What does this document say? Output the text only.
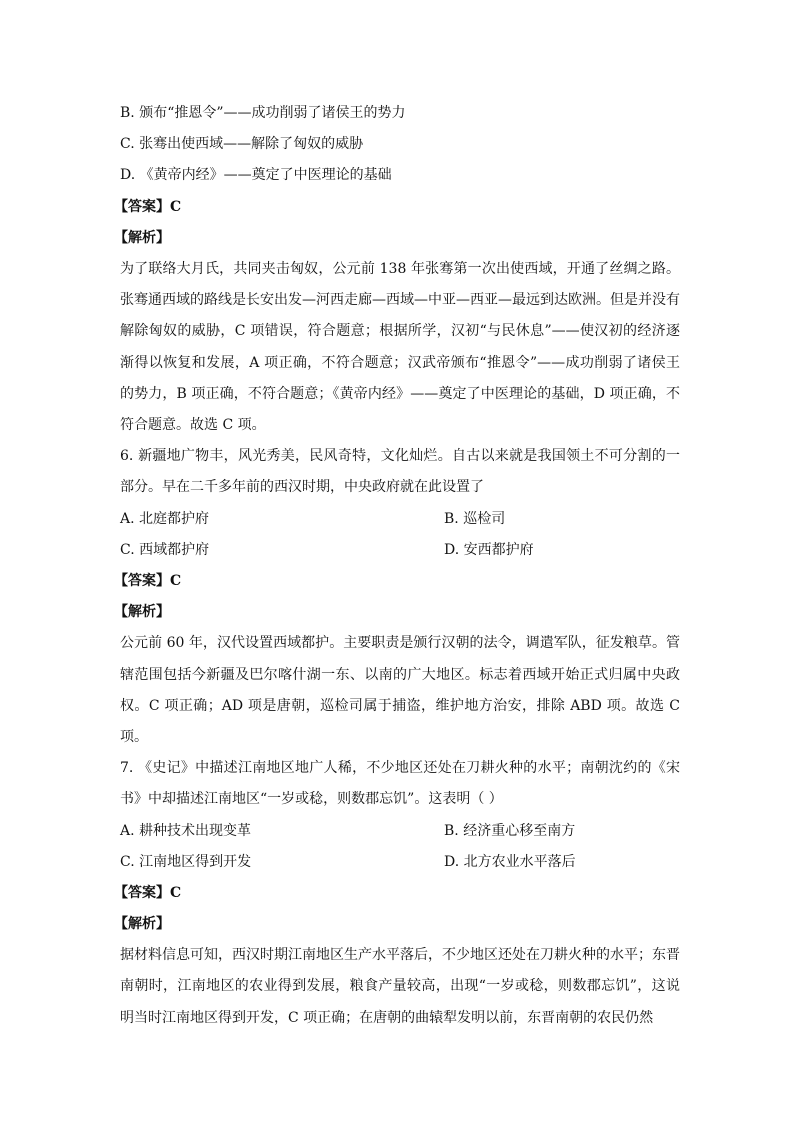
B. 颁布“推恩令”——成功削弱了诸侯王的势力
C. 张骞出使西域——解除了匈奴的威胁
D. 《黄帝内经》——奠定了中医理论的基础
【答案】C
【解析】
为了联络大月氏，共同夹击匈奴，公元前 138 年张骞第一次出使西域，开通了丝绸之路。张骞通西域的路线是长安出发—河西走廊—西域—中亚—西亚—最远到达欧洲。但是并没有解除匈奴的威胁，C 项错误，符合题意；根据所学，汉初“与民休息”——使汉初的经济逐渐得以恢复和发展，A 项正确，不符合题意；汉武帝颁布“推恩令”——成功削弱了诸侯王的势力，B 项正确，不符合题意；《黄帝内经》——奠定了中医理论的基础，D 项正确，不符合题意。故选 C 项。
6. 新疆地广物丰，风光秀美，民风奇特，文化灿烂。自古以来就是我国领土不可分割的一部分。早在二千多年前的西汉时期，中央政府就在此设置了
A. 北庭都护府	B. 巡检司
C. 西域都护府	D. 安西都护府
【答案】C
【解析】
公元前 60 年，汉代设置西域都护。主要职责是颁行汉朝的法令，调遣军队，征发粮草。管辖范围包括今新疆及巴尔喀什湖一东、以南的广大地区。标志着西域开始正式归属中央政权。C 项正确；AD 项是唐朝，巡检司属于捕盗，维护地方治安，排除 ABD 项。故选 C 项。
7. 《史记》中描述江南地区地广人稀，不少地区还处在刀耕火种的水平；南朝沈约的《宋书》中却描述江南地区“一岁或稔，则数郡忘饥”。这表明（ ）
A. 耕种技术出现变革	B. 经济重心移至南方
C. 江南地区得到开发	D. 北方农业水平落后
【答案】C
【解析】
据材料信息可知，西汉时期江南地区生产水平落后，不少地区还处在刀耕火种的水平；东晋南朝时，江南地区的农业得到发展，粮食产量较高，出现“一岁或稔，则数郡忘饥”，这说明当时江南地区得到开发，C 项正确；在唐朝的曲辕犁发明以前，东晋南朝的农民仍然
